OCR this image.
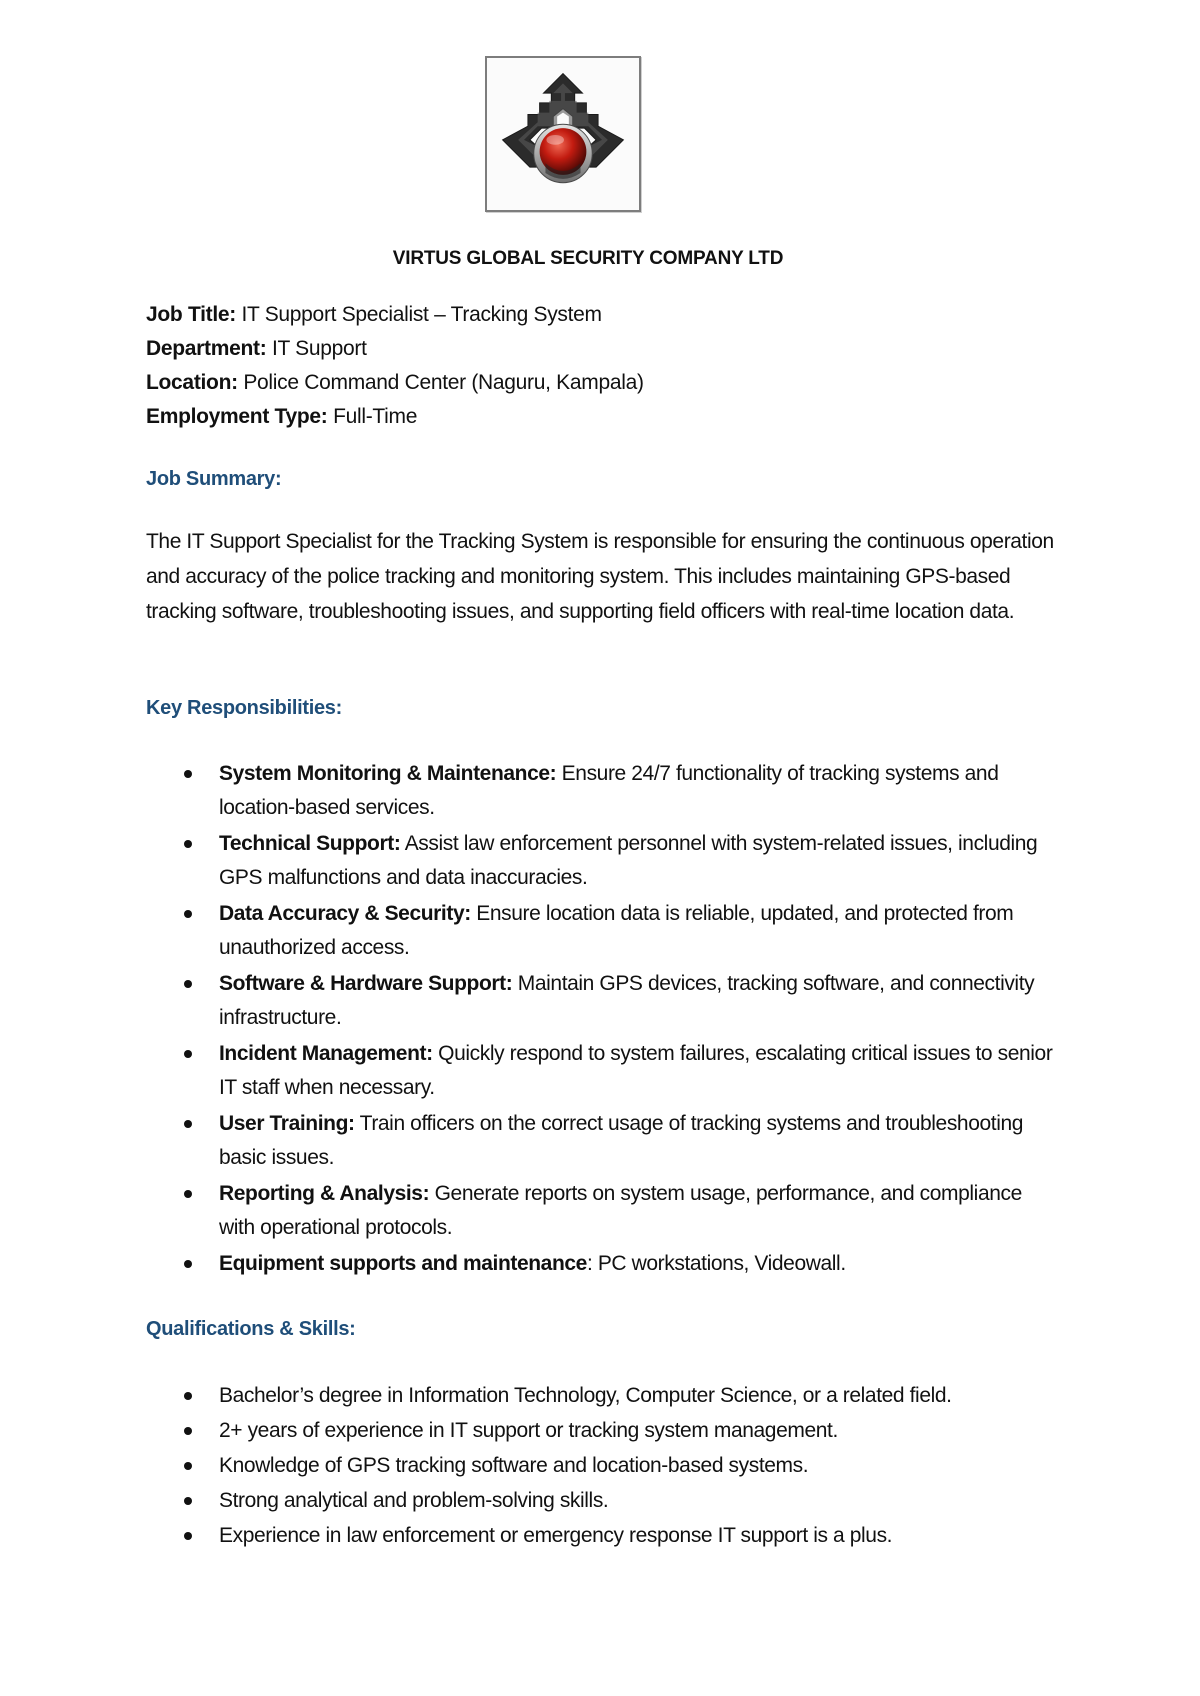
VIRTUS GLOBAL SECURITY COMPANY LTD
Job Title: IT Support Specialist – Tracking System
Department: IT Support
Location: Police Command Center (Naguru, Kampala)
Employment Type: Full-Time
Job Summary:

The IT Support Specialist for the Tracking System is responsible for ensuring the continuous operation and accuracy of the police tracking and monitoring system. This includes maintaining GPS-based tracking software, troubleshooting issues, and supporting field officers with real-time location data.

Key Responsibilities:
System Monitoring & Maintenance: Ensure 24/7 functionality of tracking systems and location-based services.
Technical Support: Assist law enforcement personnel with system-related issues, including GPS malfunctions and data inaccuracies.
Data Accuracy & Security: Ensure location data is reliable, updated, and protected from unauthorized access.
Software & Hardware Support: Maintain GPS devices, tracking software, and connectivity infrastructure.
Incident Management: Quickly respond to system failures, escalating critical issues to senior IT staff when necessary.
User Training: Train officers on the correct usage of tracking systems and troubleshooting basic issues.
Reporting & Analysis: Generate reports on system usage, performance, and compliance with operational protocols.
Equipment supports and maintenance: PC workstations, Videowall.
Qualifications & Skills:
Bachelor’s degree in Information Technology, Computer Science, or a related field.
2+ years of experience in IT support or tracking system management.
Knowledge of GPS tracking software and location-based systems.
Strong analytical and problem-solving skills.
Experience in law enforcement or emergency response IT support is a plus.
